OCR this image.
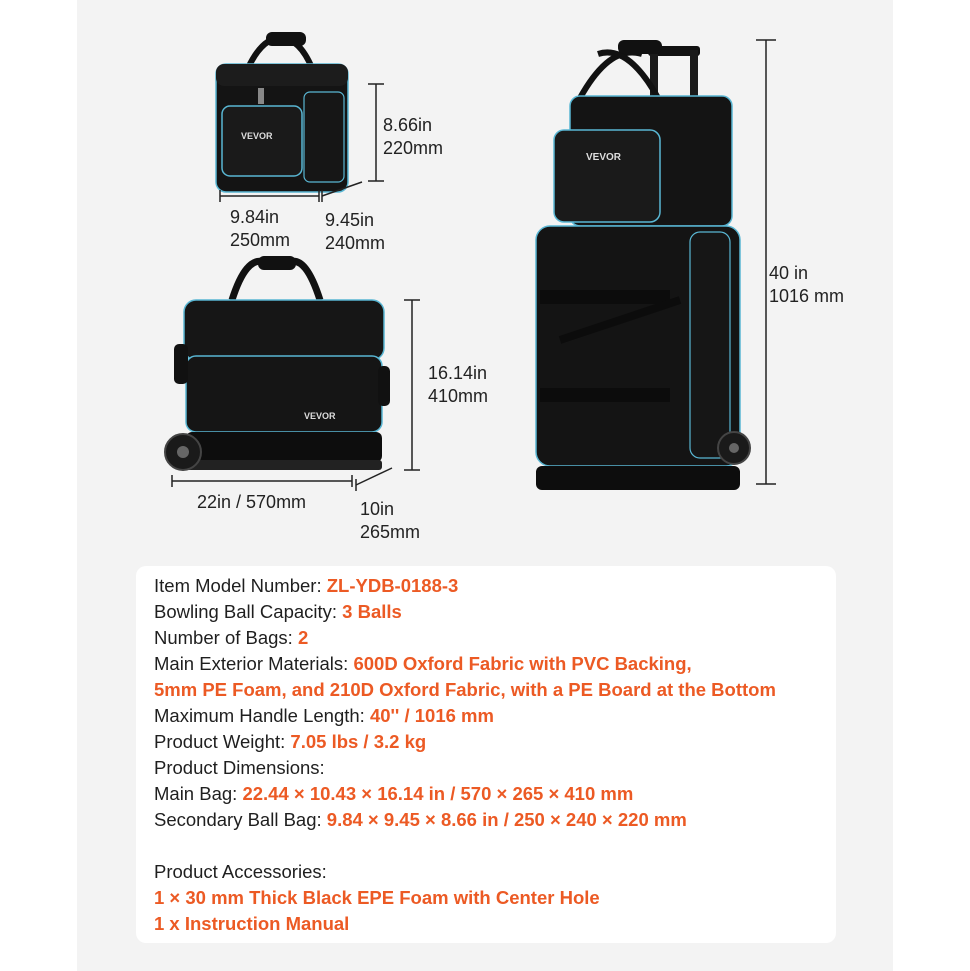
VEVOR
VEVOR
VEVOR
8.66in
220mm
9.84in
250mm
9.45in
240mm
16.14in
410mm
22in / 570mm	10in
265mm
40 in
1016 mm
Item Model Number: ZL-YDB-0188-3
Bowling Ball Capacity: 3 Balls
Number of Bags: 2
Main Exterior Materials: 600D Oxford Fabric with PVC Backing,
5mm PE Foam, and 210D Oxford Fabric, with a PE Board at the Bottom
Maximum Handle Length: 40'' / 1016 mm
Product Weight: 7.05 lbs / 3.2 kg
Product Dimensions:
Main Bag: 22.44 × 10.43 × 16.14 in / 570 × 265 × 410 mm
Secondary Ball Bag: 9.84 × 9.45 × 8.66 in / 250 × 240 × 220 mm
Product Accessories:
1 × 30 mm Thick Black EPE Foam with Center Hole
1 x Instruction Manual
